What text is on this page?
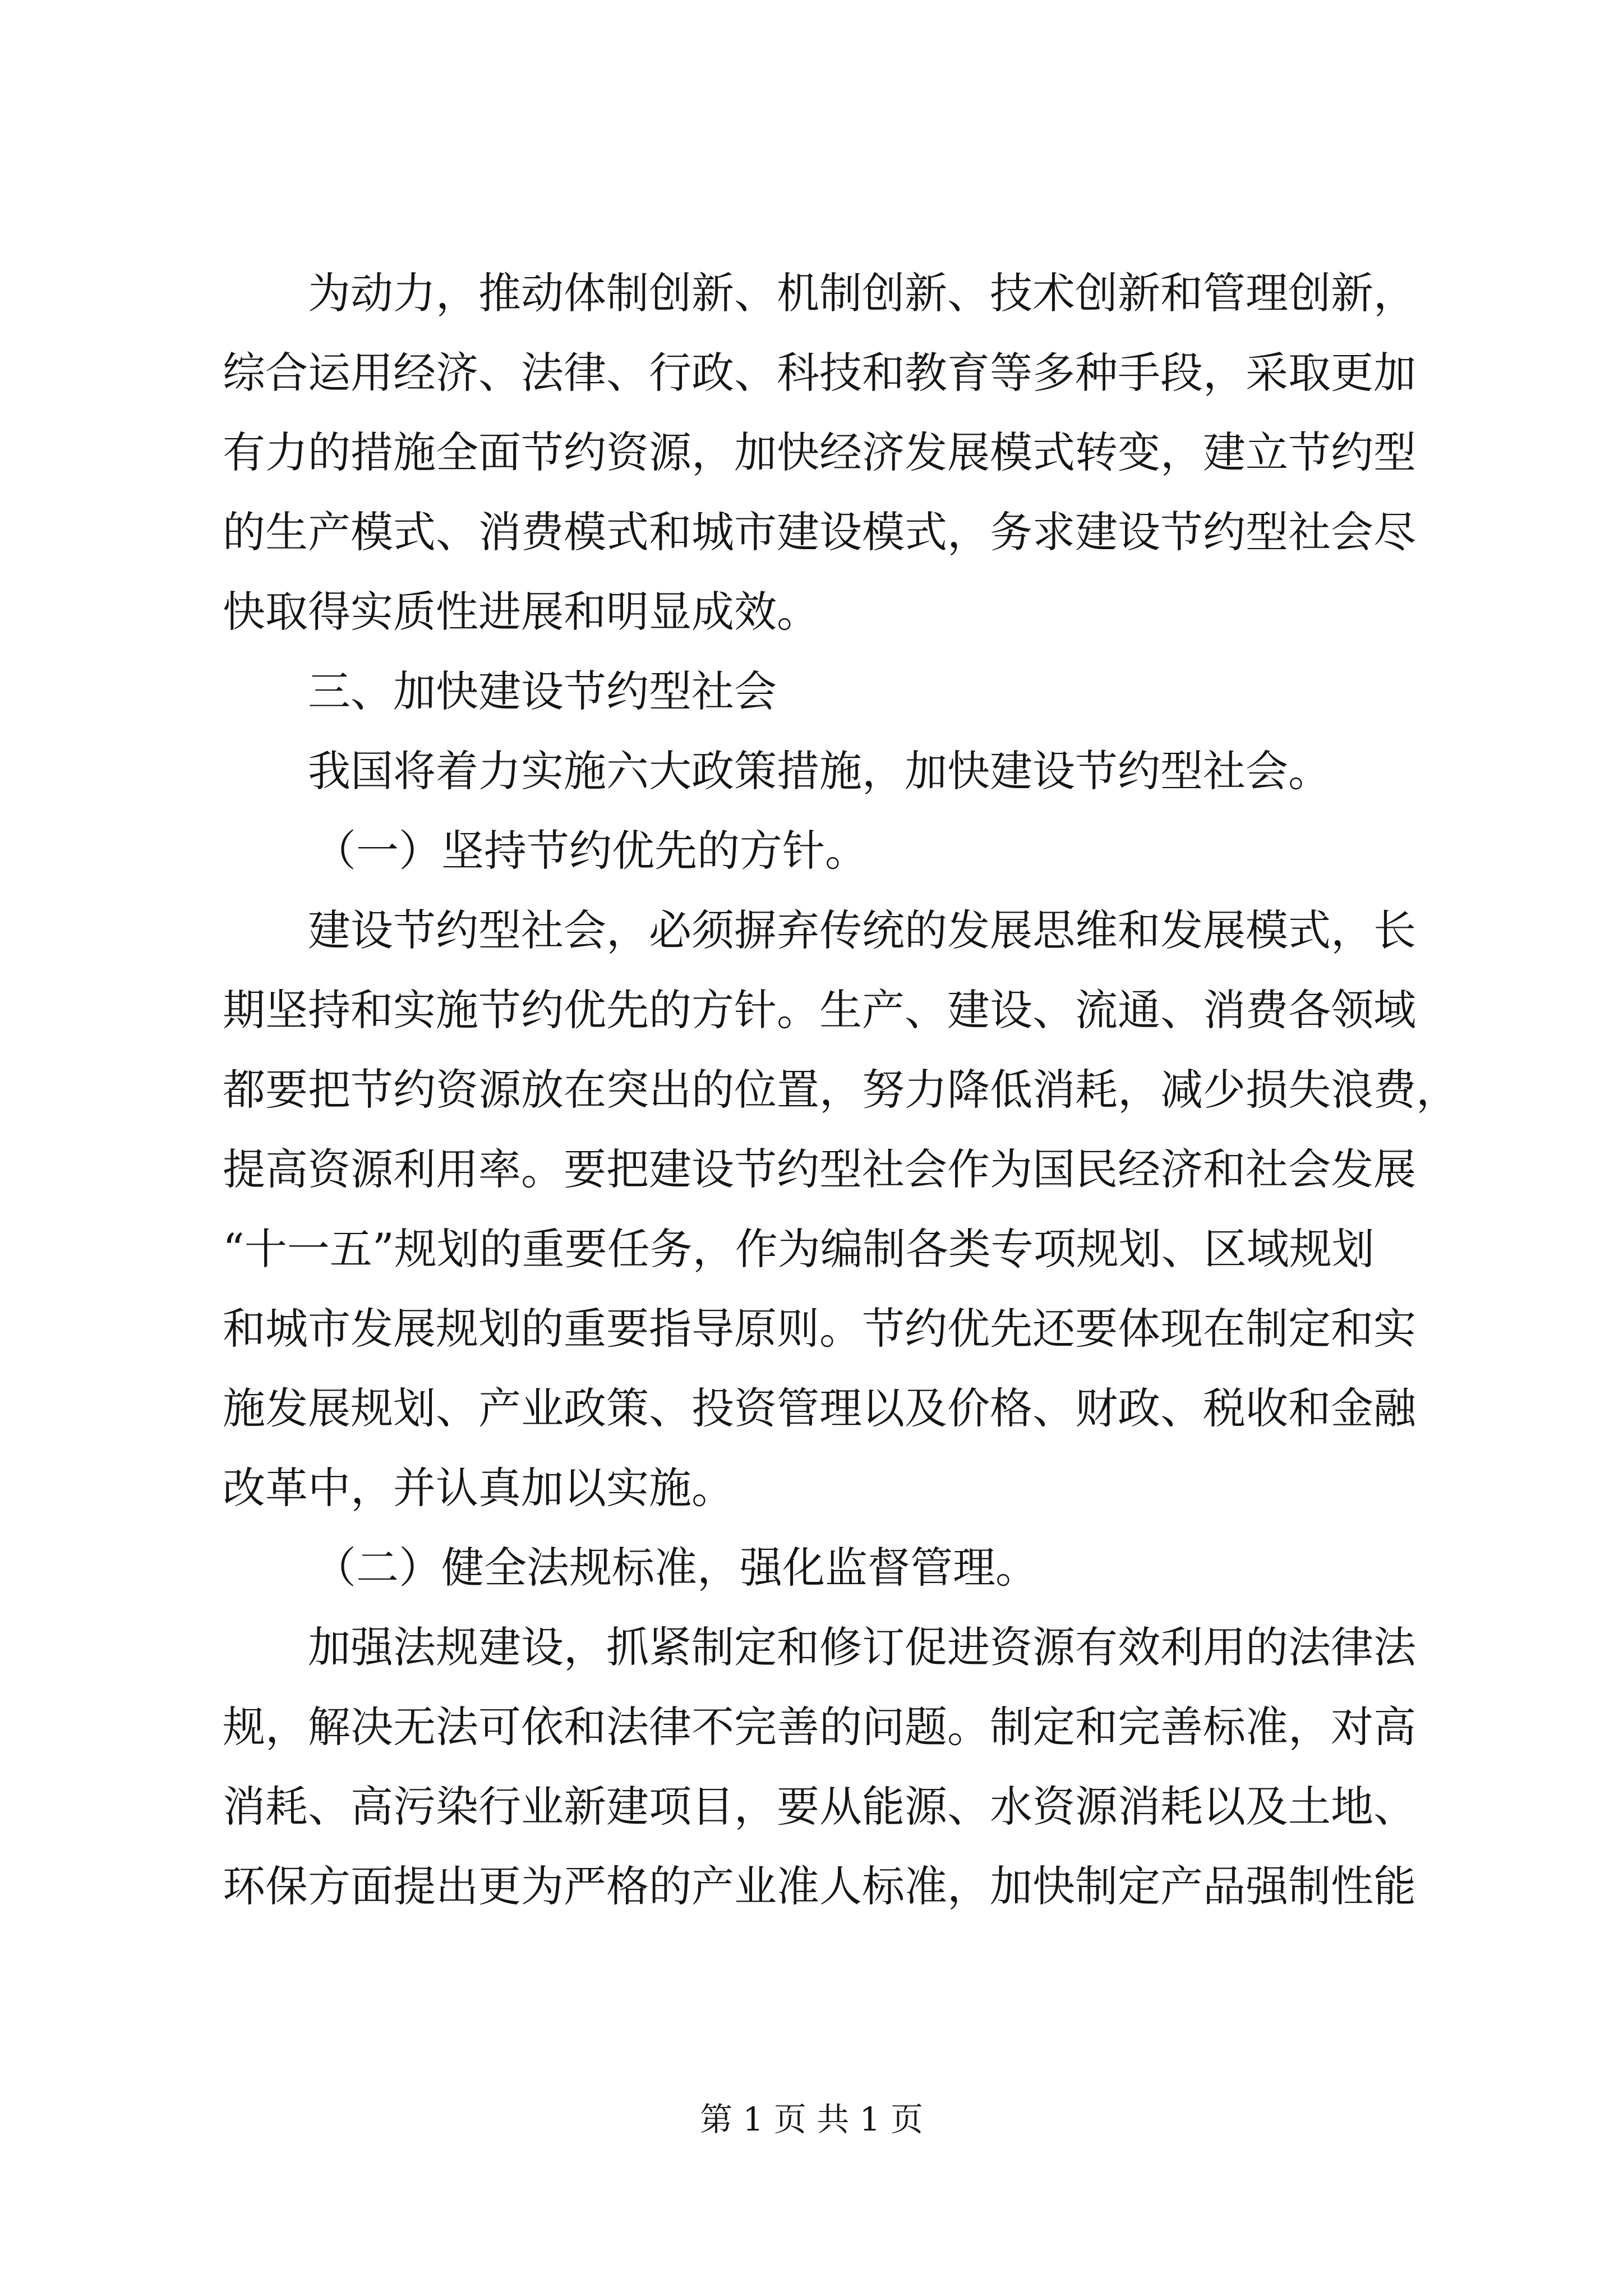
为动力，推动体制创新、机制创新、技术创新和管理创新，
综合运用经济、法律、行政、科技和教育等多种手段，采取更加
有力的措施全面节约资源，加快经济发展模式转变，建立节约型
的生产模式、消费模式和城市建设模式，务求建设节约型社会尽
快取得实质性进展和明显成效。
三、加快建设节约型社会
我国将着力实施六大政策措施，加快建设节约型社会。
（一）坚持节约优先的方针。
建设节约型社会，必须摒弃传统的发展思维和发展模式，长
期坚持和实施节约优先的方针。生产、建设、流通、消费各领域
都要把节约资源放在突出的位置，努力降低消耗，减少损失浪费，
提高资源利用率。要把建设节约型社会作为国民经济和社会发展
“十一五”规划的重要任务，作为编制各类专项规划、区域规划
和城市发展规划的重要指导原则。节约优先还要体现在制定和实
施发展规划、产业政策、投资管理以及价格、财政、税收和金融
改革中，并认真加以实施。
（二）健全法规标准，强化监督管理。
加强法规建设，抓紧制定和修订促进资源有效利用的法律法
规，解决无法可依和法律不完善的问题。制定和完善标准，对高
消耗、高污染行业新建项目，要从能源、水资源消耗以及土地、
环保方面提出更为严格的产业准人标准，加快制定产品强制性能
第 1 页 共 1 页
